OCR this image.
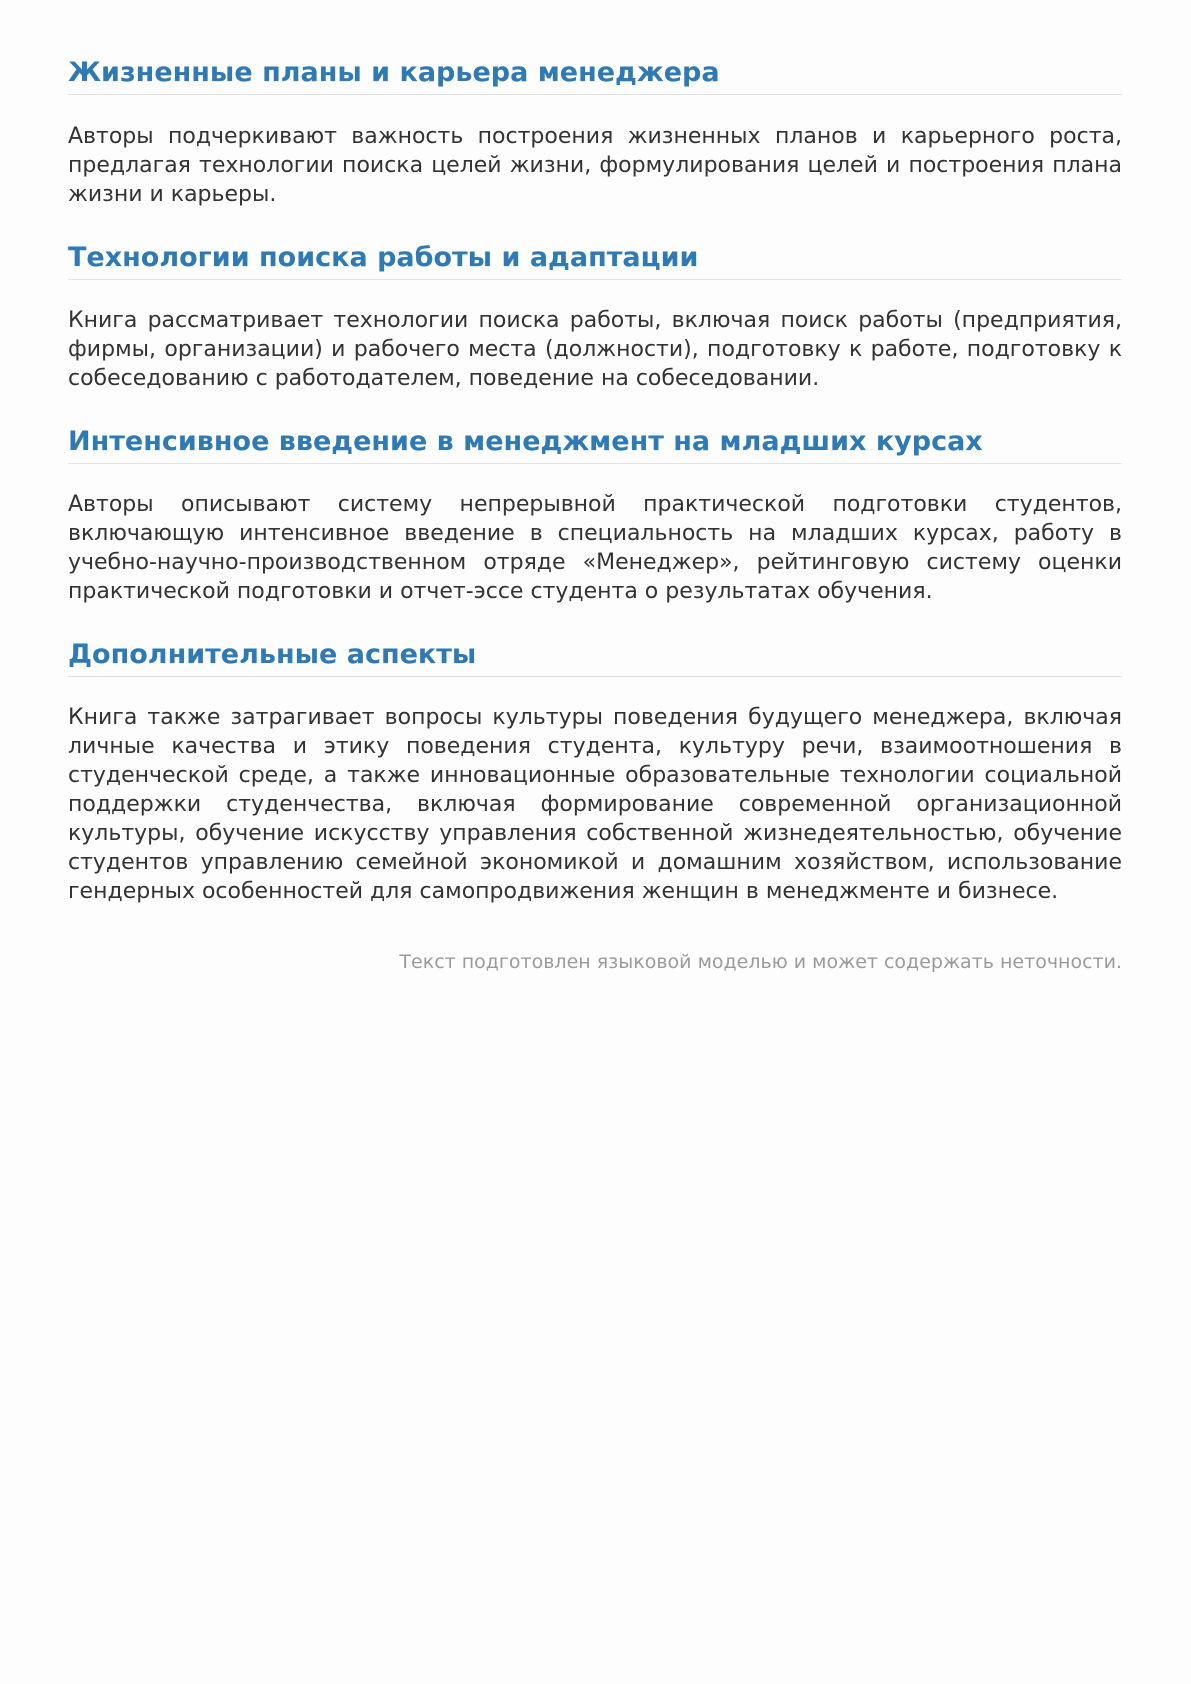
Жизненные планы и карьера менеджера

Авторы подчеркивают важность построения жизненных планов и карьерного роста, предлагая технологии поиска целей жизни, формулирования целей и построения плана жизни и карьеры.

Технологии поиска работы и адаптации

Книга рассматривает технологии поиска работы, включая поиск работы (предприятия, фирмы, организации) и рабочего места (должности), подготовку к работе, подготовку к собеседованию с работодателем, поведение на собеседовании.

Интенсивное введение в менеджмент на младших курсах

Авторы описывают систему непрерывной практической подготовки студентов, включающую интенсивное введение в специальность на младших курсах, работу в учебно-научно-производственном отряде «Менеджер», рейтинговую систему оценки практической подготовки и отчет-эссе студента о результатах обучения.

Дополнительные аспекты

Книга также затрагивает вопросы культуры поведения будущего менеджера, включая личные качества и этику поведения студента, культуру речи, взаимоотношения в студенческой среде, а также инновационные образовательные технологии социальной поддержки студенчества, включая формирование современной организационной культуры, обучение искусству управления собственной жизнедеятельностью, обучение студентов управлению семейной экономикой и домашним хозяйством, использование гендерных особенностей для самопродвижения женщин в менеджменте и бизнесе.

Текст подготовлен языковой моделью и может содержать неточности.
